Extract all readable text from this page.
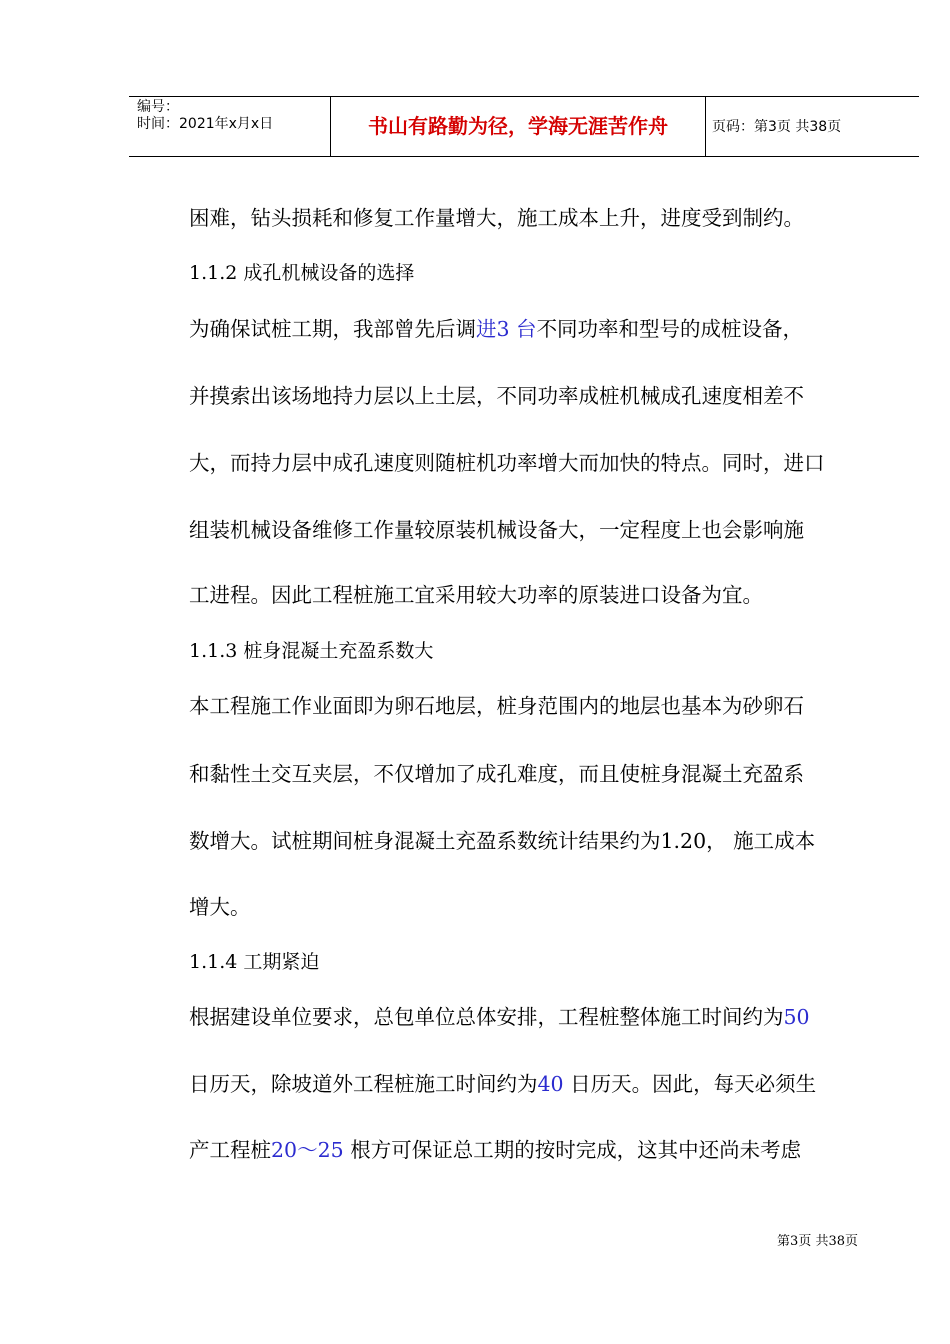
编号：
时间：2021年x月x日	书山有路勤为径，学海无涯苦作舟	页码：第3页 共38页
困难，钻头损耗和修复工作量增大，施工成本上升，进度受到制约。
1.1.2 成孔机械设备的选择
为确保试桩工期，我部曾先后调进3 台不同功率和型号的成桩设备，
并摸索出该场地持力层以上土层，不同功率成桩机械成孔速度相差不
大，而持力层中成孔速度则随桩机功率增大而加快的特点。同时，进口
组装机械设备维修工作量较原装机械设备大，一定程度上也会影响施
工进程。因此工程桩施工宜采用较大功率的原装进口设备为宜。
1.1.3 桩身混凝土充盈系数大
本工程施工作业面即为卵石地层，桩身范围内的地层也基本为砂卵石
和黏性土交互夹层，不仅增加了成孔难度，而且使桩身混凝土充盈系
数增大。试桩期间桩身混凝土充盈系数统计结果约为1.20， 施工成本
增大。
1.1.4 工期紧迫
根据建设单位要求，总包单位总体安排，工程桩整体施工时间约为50
日历天，除坡道外工程桩施工时间约为40 日历天。因此，每天必须生
产工程桩20～25 根方可保证总工期的按时完成，这其中还尚未考虑
第3页 共38页
